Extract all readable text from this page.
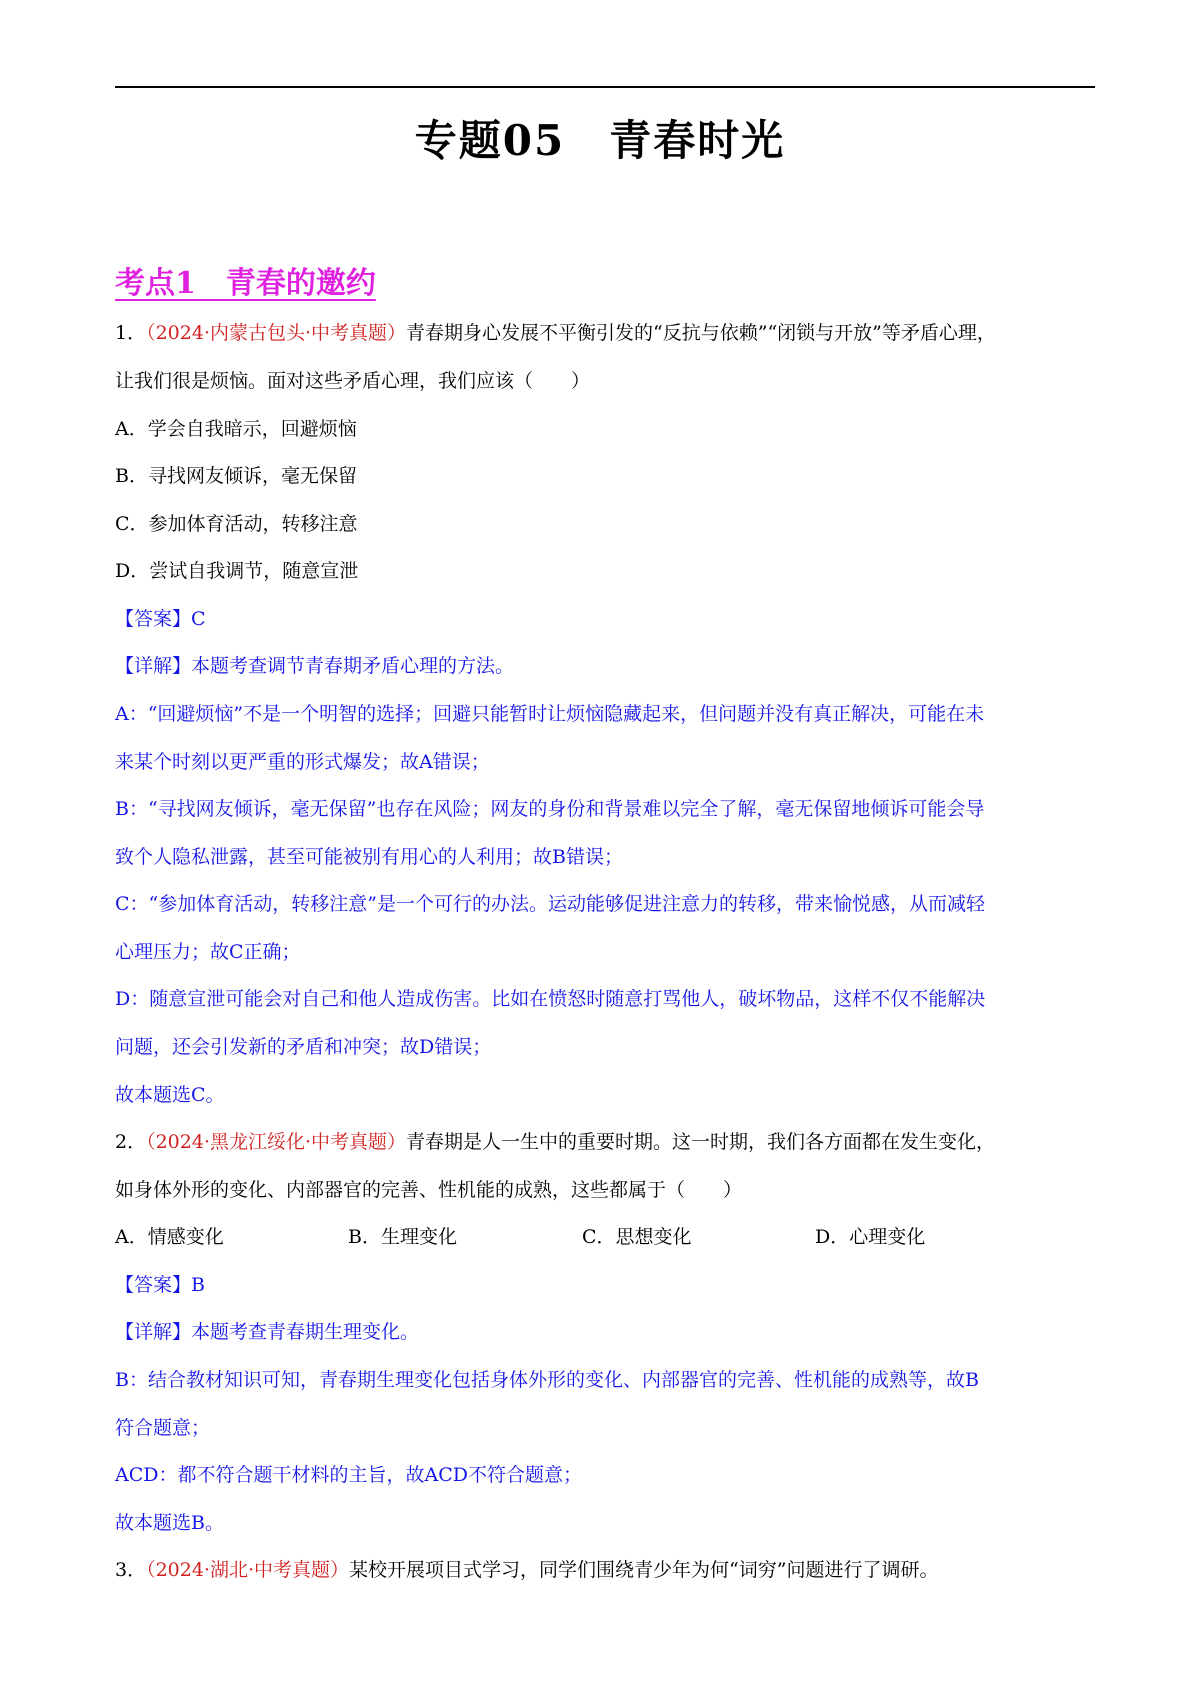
专题05　青春时光
考点1　青春的邀约
1．（2024·内蒙古包头·中考真题）青春期身心发展不平衡引发的“反抗与依赖”“闭锁与开放”等矛盾心理，
让我们很是烦恼。面对这些矛盾心理，我们应该（　　）
A．学会自我暗示，回避烦恼
B．寻找网友倾诉，毫无保留
C．参加体育活动，转移注意
D．尝试自我调节，随意宣泄
【答案】C
【详解】本题考查调节青春期矛盾心理的方法。
A：“回避烦恼”不是一个明智的选择；回避只能暂时让烦恼隐藏起来，但问题并没有真正解决，可能在未
来某个时刻以更严重的形式爆发；故A错误；
B：“寻找网友倾诉，毫无保留”也存在风险；网友的身份和背景难以完全了解，毫无保留地倾诉可能会导
致个人隐私泄露，甚至可能被别有用心的人利用；故B错误；
C：“参加体育活动，转移注意”是一个可行的办法。运动能够促进注意力的转移，带来愉悦感，从而减轻
心理压力；故C正确；
D：随意宣泄可能会对自己和他人造成伤害。比如在愤怒时随意打骂他人，破坏物品，这样不仅不能解决
问题，还会引发新的矛盾和冲突；故D错误；
故本题选C。
2．（2024·黑龙江绥化·中考真题）青春期是人一生中的重要时期。这一时期，我们各方面都在发生变化，
如身体外形的变化、内部器官的完善、性机能的成熟，这些都属于（　　）
A．情感变化	B．生理变化	C．思想变化	D．心理变化
【答案】B
【详解】本题考查青春期生理变化。
B：结合教材知识可知，青春期生理变化包括身体外形的变化、内部器官的完善、性机能的成熟等，故B
符合题意；
ACD：都不符合题干材料的主旨，故ACD不符合题意；
故本题选B。
3．（2024·湖北·中考真题）某校开展项目式学习，同学们围绕青少年为何“词穷”问题进行了调研。
